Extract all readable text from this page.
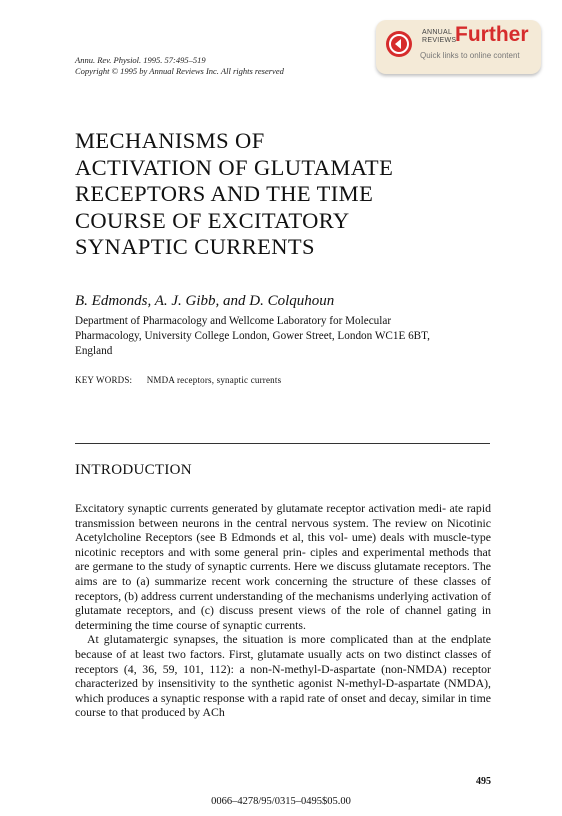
Annu. Rev. Physiol. 1995. 57:495–519
Copyright © 1995 by Annual Reviews Inc. All rights reserved
ANNUAL
REVIEWS
Further
Quick links to online content
MECHANISMS OF
ACTIVATION OF GLUTAMATE
RECEPTORS AND THE TIME
COURSE OF EXCITATORY
SYNAPTIC CURRENTS
B. Edmonds, A. J. Gibb, and D. Colquhoun
Department of Pharmacology and Wellcome Laboratory for Molecular
Pharmacology, University College London, Gower Street, London WC1E 6BT,
England
KEY WORDS: NMDA receptors, synaptic currents
INTRODUCTION

Excitatory synaptic currents generated by glutamate receptor activation medi- ate rapid transmission between neurons in the central nervous system. The review on Nicotinic Acetylcholine Receptors (see B Edmonds et al, this vol- ume) deals with muscle-type nicotinic receptors and with some general prin- ciples and experimental methods that are germane to the study of synaptic currents. Here we discuss glutamate receptors. The aims are to (a) summarize recent work concerning the structure of these classes of receptors, (b) address current understanding of the mechanisms underlying activation of glutamate receptors, and (c) discuss present views of the role of channel gating in determining the time course of synaptic currents.

At glutamatergic synapses, the situation is more complicated than at the endplate because of at least two factors. First, glutamate usually acts on two distinct classes of receptors (4, 36, 59, 101, 112): a non-N-methyl-D-aspartate (non-NMDA) receptor characterized by insensitivity to the synthetic agonist N-methyl-D-aspartate (NMDA), which produces a synaptic response with a rapid rate of onset and decay, similar in time course to that produced by ACh

495
0066–4278/95/0315–0495$05.00
